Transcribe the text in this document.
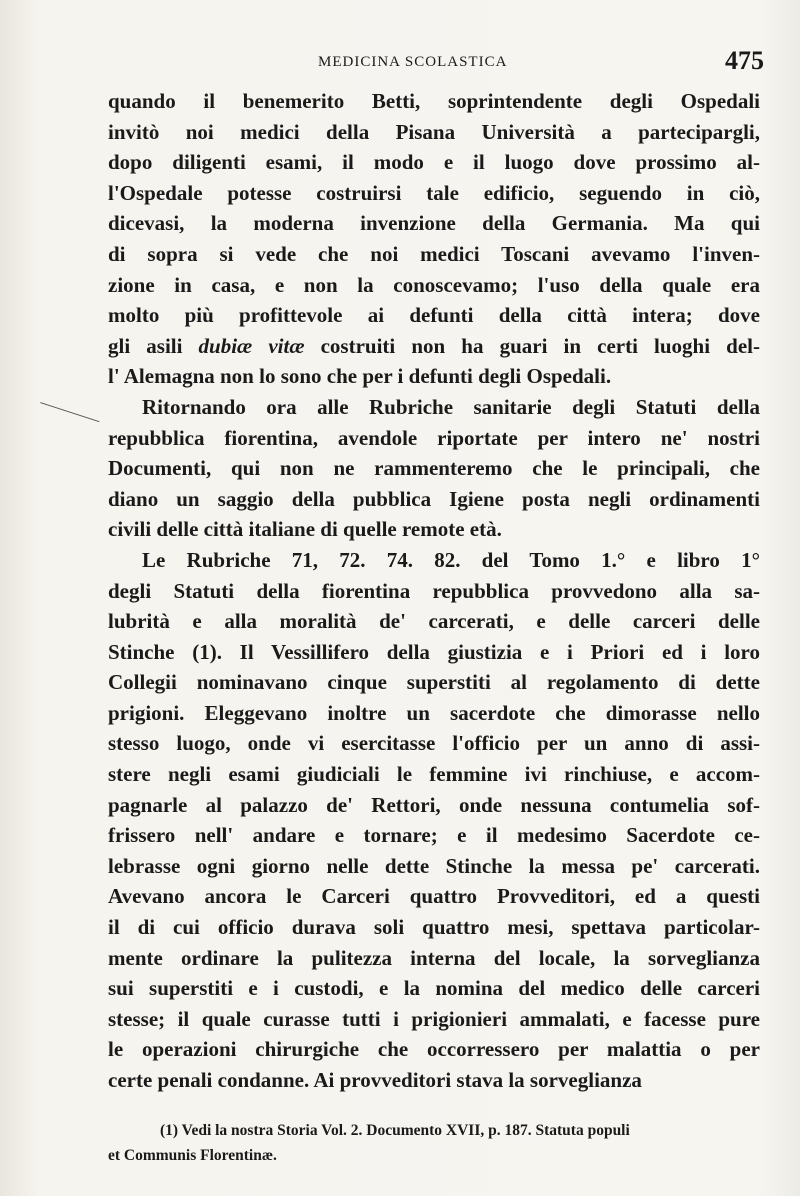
MEDICINA SCOLASTICA	475
quando il benemerito Betti, soprintendente degli Ospedali
invitò noi medici della Pisana Università a partecipargli,
dopo diligenti esami, il modo e il luogo dove prossimo al-
l'Ospedale potesse costruirsi tale edificio, seguendo in ciò,
dicevasi, la moderna invenzione della Germania. Ma qui
di sopra si vede che noi medici Toscani avevamo l'inven-
zione in casa, e non la conoscevamo; l'uso della quale era
molto più profittevole ai defunti della città intera; dove
gli asili dubiæ vitæ costruiti non ha guari in certi luoghi del-
l' Alemagna non lo sono che per i defunti degli Ospedali.
Ritornando ora alle Rubriche sanitarie degli Statuti della
repubblica fiorentina, avendole riportate per intero ne' nostri
Documenti, qui non ne rammenteremo che le principali, che
diano un saggio della pubblica Igiene posta negli ordinamenti
civili delle città italiane di quelle remote età.
Le Rubriche 71, 72. 74. 82. del Tomo 1.° e libro 1°
degli Statuti della fiorentina repubblica provvedono alla sa-
lubrità e alla moralità de' carcerati, e delle carceri delle
Stinche (1). Il Vessillifero della giustizia e i Priori ed i loro
Collegii nominavano cinque superstiti al regolamento di dette
prigioni. Eleggevano inoltre un sacerdote che dimorasse nello
stesso luogo, onde vi esercitasse l'officio per un anno di assi-
stere negli esami giudiciali le femmine ivi rinchiuse, e accom-
pagnarle al palazzo de' Rettori, onde nessuna contumelia sof-
frissero nell' andare e tornare; e il medesimo Sacerdote ce-
lebrasse ogni giorno nelle dette Stinche la messa pe' carcerati.
Avevano ancora le Carceri quattro Provveditori, ed a questi
il di cui officio durava soli quattro mesi, spettava particolar-
mente ordinare la pulitezza interna del locale, la sorveglianza
sui superstiti e i custodi, e la nomina del medico delle carceri
stesse; il quale curasse tutti i prigionieri ammalati, e facesse pure
le operazioni chirurgiche che occorressero per malattia o per
certe penali condanne. Ai provveditori stava la sorveglianza
(1) Vedi la nostra Storia Vol. 2. Documento XVII, p. 187. Statuta populi
et Communis Florentinæ.
